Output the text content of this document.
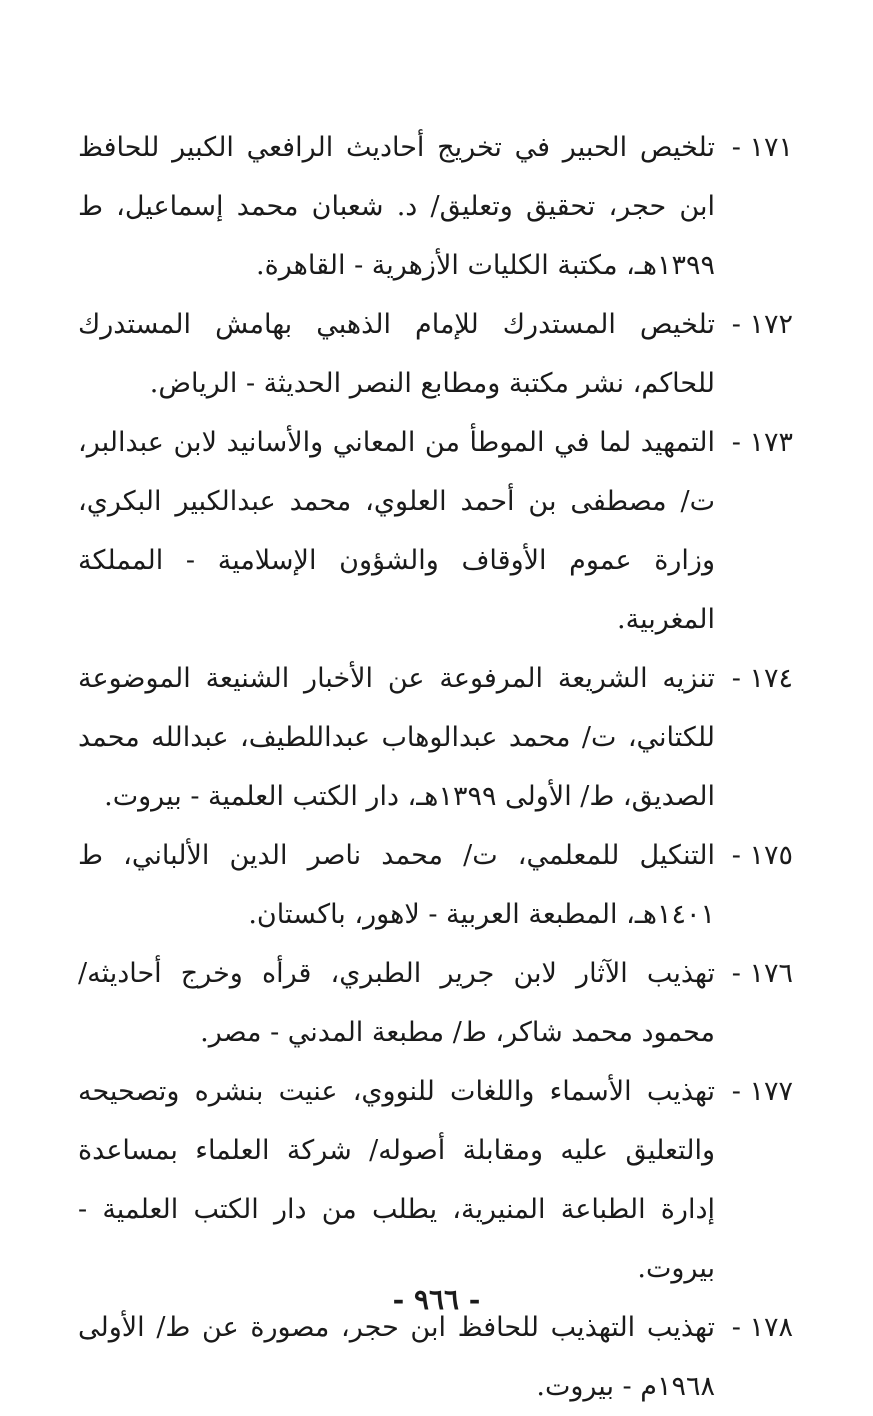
١٧١ -
تلخيص الحبير في تخريج أحاديث الرافعي الكبير للحافظ ابن حجر، تحقيق وتعليق/ د. شعبان محمد إسماعيل، ط ١٣٩٩هـ، مكتبة الكليات الأزهرية - القاهرة.
١٧٢ -
تلخيص المستدرك للإمام الذهبي بهامش المستدرك للحاكم، نشر مكتبة ومطابع النصر الحديثة - الرياض.
١٧٣ -
التمهيد لما في الموطأ من المعاني والأسانيد لابن عبدالبر، ت/ مصطفى بن أحمد العلوي، محمد عبدالكبير البكري، وزارة عموم الأوقاف والشؤون الإسلامية - المملكة المغربية.
١٧٤ -
تنزيه الشريعة المرفوعة عن الأخبار الشنيعة الموضوعة للكتاني، ت/ محمد عبدالوهاب عبداللطيف، عبدالله محمد الصديق، ط/ الأولى ١٣٩٩هـ، دار الكتب العلمية - بيروت.
١٧٥ -
التنكيل للمعلمي، ت/ محمد ناصر الدين الألباني، ط ١٤٠١هـ، المطبعة العربية - لاهور، باكستان.
١٧٦ -
تهذيب الآثار لابن جرير الطبري، قرأه وخرج أحاديثه/ محمود محمد شاكر، ط/ مطبعة المدني - مصر.
١٧٧ -
تهذيب الأسماء واللغات للنووي، عنيت بنشره وتصحيحه والتعليق عليه ومقابلة أصوله/ شركة العلماء بمساعدة إدارة الطباعة المنيرية، يطلب من دار الكتب العلمية - بيروت.
١٧٨ -
تهذيب التهذيب للحافظ ابن حجر، مصورة عن ط/ الأولى ١٩٦٨م - بيروت.
- ٩٦٦ -
